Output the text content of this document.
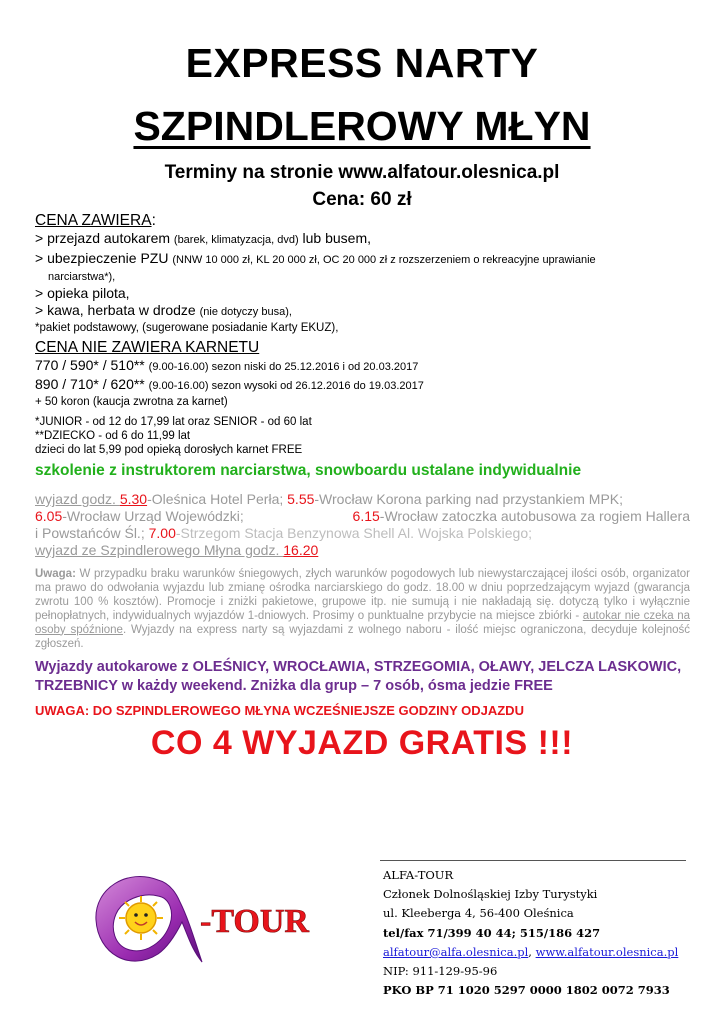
EXPRESS NARTY
SZPINDLEROWY MŁYN
Terminy na stronie www.alfatour.olesnica.pl
Cena: 60 zł
CENA ZAWIERA:
> przejazd autokarem (barek, klimatyzacja, dvd) lub busem,
> ubezpieczenie PZU (NNW 10 000 zł, KL 20 000 zł, OC 20 000 zł z rozszerzeniem o rekreacyjne uprawianie
narciarstwa*),
> opieka pilota,
> kawa, herbata w drodze (nie dotyczy busa),
*pakiet podstawowy, (sugerowane posiadanie Karty EKUZ),
CENA NIE ZAWIERA KARNETU
770 / 590* / 510** (9.00-16.00) sezon niski do 25.12.2016 i od 20.03.2017
890 / 710* / 620** (9.00-16.00) sezon wysoki od 26.12.2016 do 19.03.2017
+ 50 koron (kaucja zwrotna za karnet)
*JUNIOR - od 12 do 17,99 lat oraz SENIOR - od 60 lat
**DZIECKO - od 6 do 11,99 lat
dzieci do lat 5,99 pod opieką dorosłych karnet FREE
szkolenie z instruktorem narciarstwa, snowboardu ustalane indywidualnie
wyjazd godz. 5.30-Oleśnica Hotel Perła; 5.55-Wrocław Korona parking nad przystankiem MPK;
6.05-Wrocław Urząd Wojewódzki;	6.15-Wrocław zatoczka autobusowa za rogiem Hallera
i Powstańców Śl.; 7.00-Strzegom Stacja Benzynowa Shell Al. Wojska Polskiego;
wyjazd ze Szpindlerowego Młyna godz. 16.20
Uwaga: W przypadku braku warunków śniegowych, złych warunków pogodowych lub niewystarczającej ilości osób, organizator ma prawo do odwołania wyjazdu lub zmianę ośrodka narciarskiego do godz. 18.00 w dniu poprzedzającym wyjazd (gwarancja zwrotu 100 % kosztów). Promocje i zniżki pakietowe, grupowe itp. nie sumują i nie nakładają się. dotyczą tylko i wyłącznie pełnopłatnych, indywidualnych wyjazdów 1-dniowych. Prosimy o punktualne przybycie na miejsce zbiórki - autokar nie czeka na osoby spóźnione. Wyjazdy na express narty są wyjazdami z wolnego naboru - ilość miejsc ograniczona, decyduje kolejność zgłoszeń.
Wyjazdy autokarowe z OLEŚNICY, WROCŁAWIA, STRZEGOMIA, OŁAWY, JELCZA LASKOWIC, TRZEBNICY w każdy weekend. Zniżka dla grup – 7 osób, ósma jedzie FREE
UWAGA: DO SZPINDLEROWEGO MŁYNA WCZEŚNIEJSZE GODZINY ODJAZDU
CO 4 WYJAZD GRATIS !!!
-TOUR
ALFA-TOUR
Członek Dolnośląskiej Izby Turystyki
ul. Kleeberga 4, 56-400 Oleśnica
tel/fax 71/399 40 44; 515/186 427
alfatour@alfa.olesnica.pl, www.alfatour.olesnica.pl
NIP: 911-129-95-96
PKO BP 71 1020 5297 0000 1802 0072 7933
